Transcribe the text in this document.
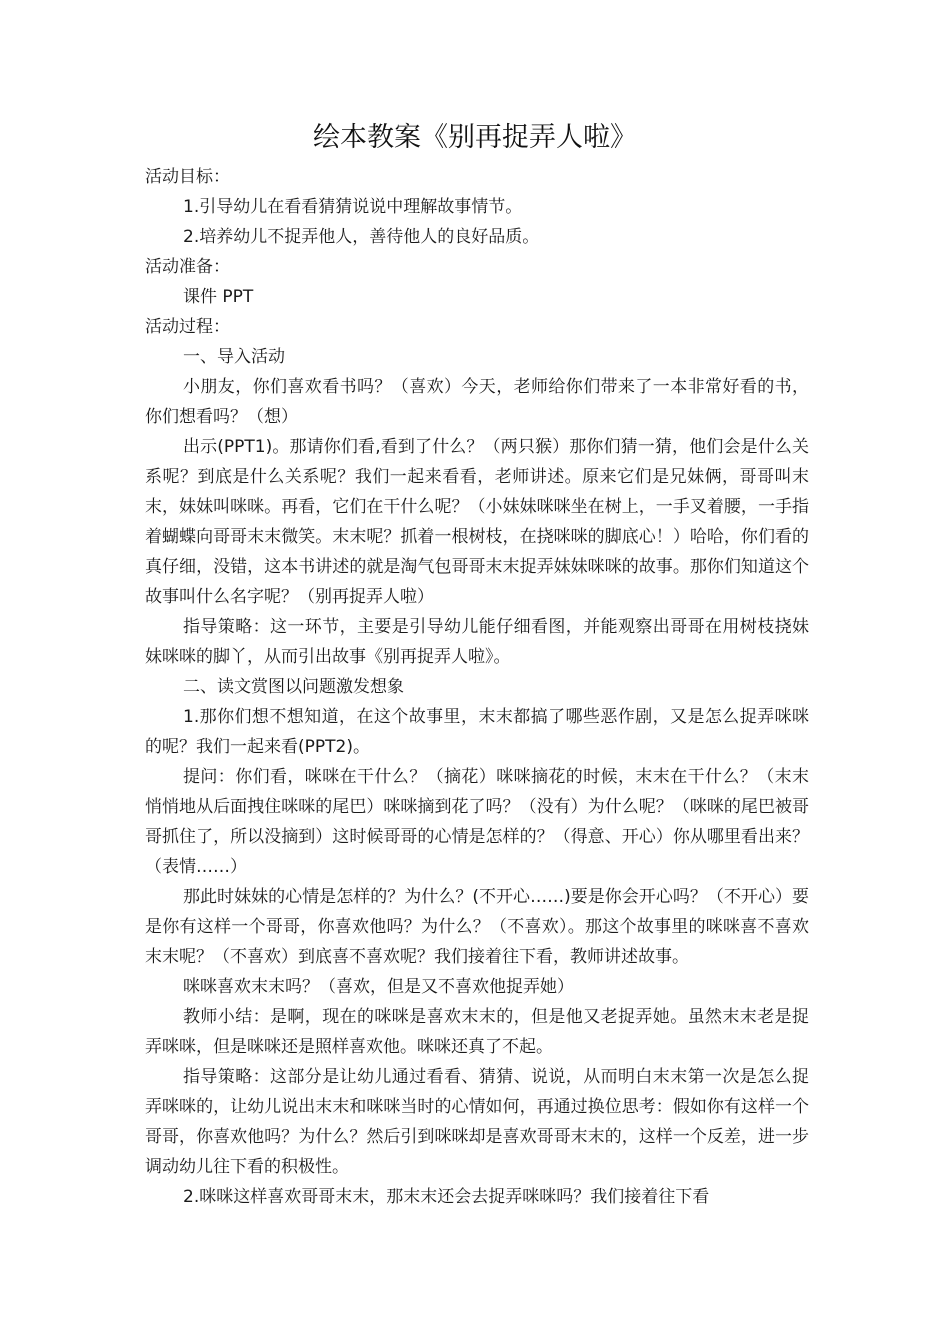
绘本教案《别再捉弄人啦》

活动目标：

1.引导幼儿在看看猜猜说说中理解故事情节。

2.培养幼儿不捉弄他人，善待他人的良好品质。

活动准备：

课件 PPT

活动过程：

一、导入活动

小朋友，你们喜欢看书吗？（喜欢）今天，老师给你们带来了一本非常好看的书，你们想看吗？（想）

出示(PPT1)。那请你们看,看到了什么？（两只猴）那你们猜一猜，他们会是什么关系呢？到底是什么关系呢？我们一起来看看，老师讲述。原来它们是兄妹俩，哥哥叫末末，妹妹叫咪咪。再看，它们在干什么呢？（小妹妹咪咪坐在树上，一手叉着腰，一手指着蝴蝶向哥哥末末微笑。末末呢？抓着一根树枝，在挠咪咪的脚底心！）哈哈，你们看的真仔细，没错，这本书讲述的就是淘气包哥哥末末捉弄妹妹咪咪的故事。那你们知道这个故事叫什么名字呢？（别再捉弄人啦）

指导策略：这一环节，主要是引导幼儿能仔细看图，并能观察出哥哥在用树枝挠妹妹咪咪的脚丫，从而引出故事《别再捉弄人啦》。

二、读文赏图以问题激发想象

1.那你们想不想知道，在这个故事里，末末都搞了哪些恶作剧，又是怎么捉弄咪咪的呢？我们一起来看(PPT2)。

提问：你们看，咪咪在干什么？（摘花）咪咪摘花的时候，末末在干什么？（末末悄悄地从后面拽住咪咪的尾巴）咪咪摘到花了吗？（没有）为什么呢？（咪咪的尾巴被哥哥抓住了，所以没摘到）这时候哥哥的心情是怎样的？（得意、开心）你从哪里看出来？（表情……）

那此时妹妹的心情是怎样的？为什么？(不开心……)要是你会开心吗？（不开心）要是你有这样一个哥哥，你喜欢他吗？为什么？（不喜欢）。那这个故事里的咪咪喜不喜欢末末呢？（不喜欢）到底喜不喜欢呢？我们接着往下看，教师讲述故事。

咪咪喜欢末末吗？（喜欢，但是又不喜欢他捉弄她）

教师小结：是啊，现在的咪咪是喜欢末末的，但是他又老捉弄她。虽然末末老是捉弄咪咪，但是咪咪还是照样喜欢他。咪咪还真了不起。

指导策略：这部分是让幼儿通过看看、猜猜、说说，从而明白末末第一次是怎么捉弄咪咪的，让幼儿说出末末和咪咪当时的心情如何，再通过换位思考：假如你有这样一个哥哥，你喜欢他吗？为什么？然后引到咪咪却是喜欢哥哥末末的，这样一个反差，进一步调动幼儿往下看的积极性。

2.咪咪这样喜欢哥哥末末，那末末还会去捉弄咪咪吗？我们接着往下看
